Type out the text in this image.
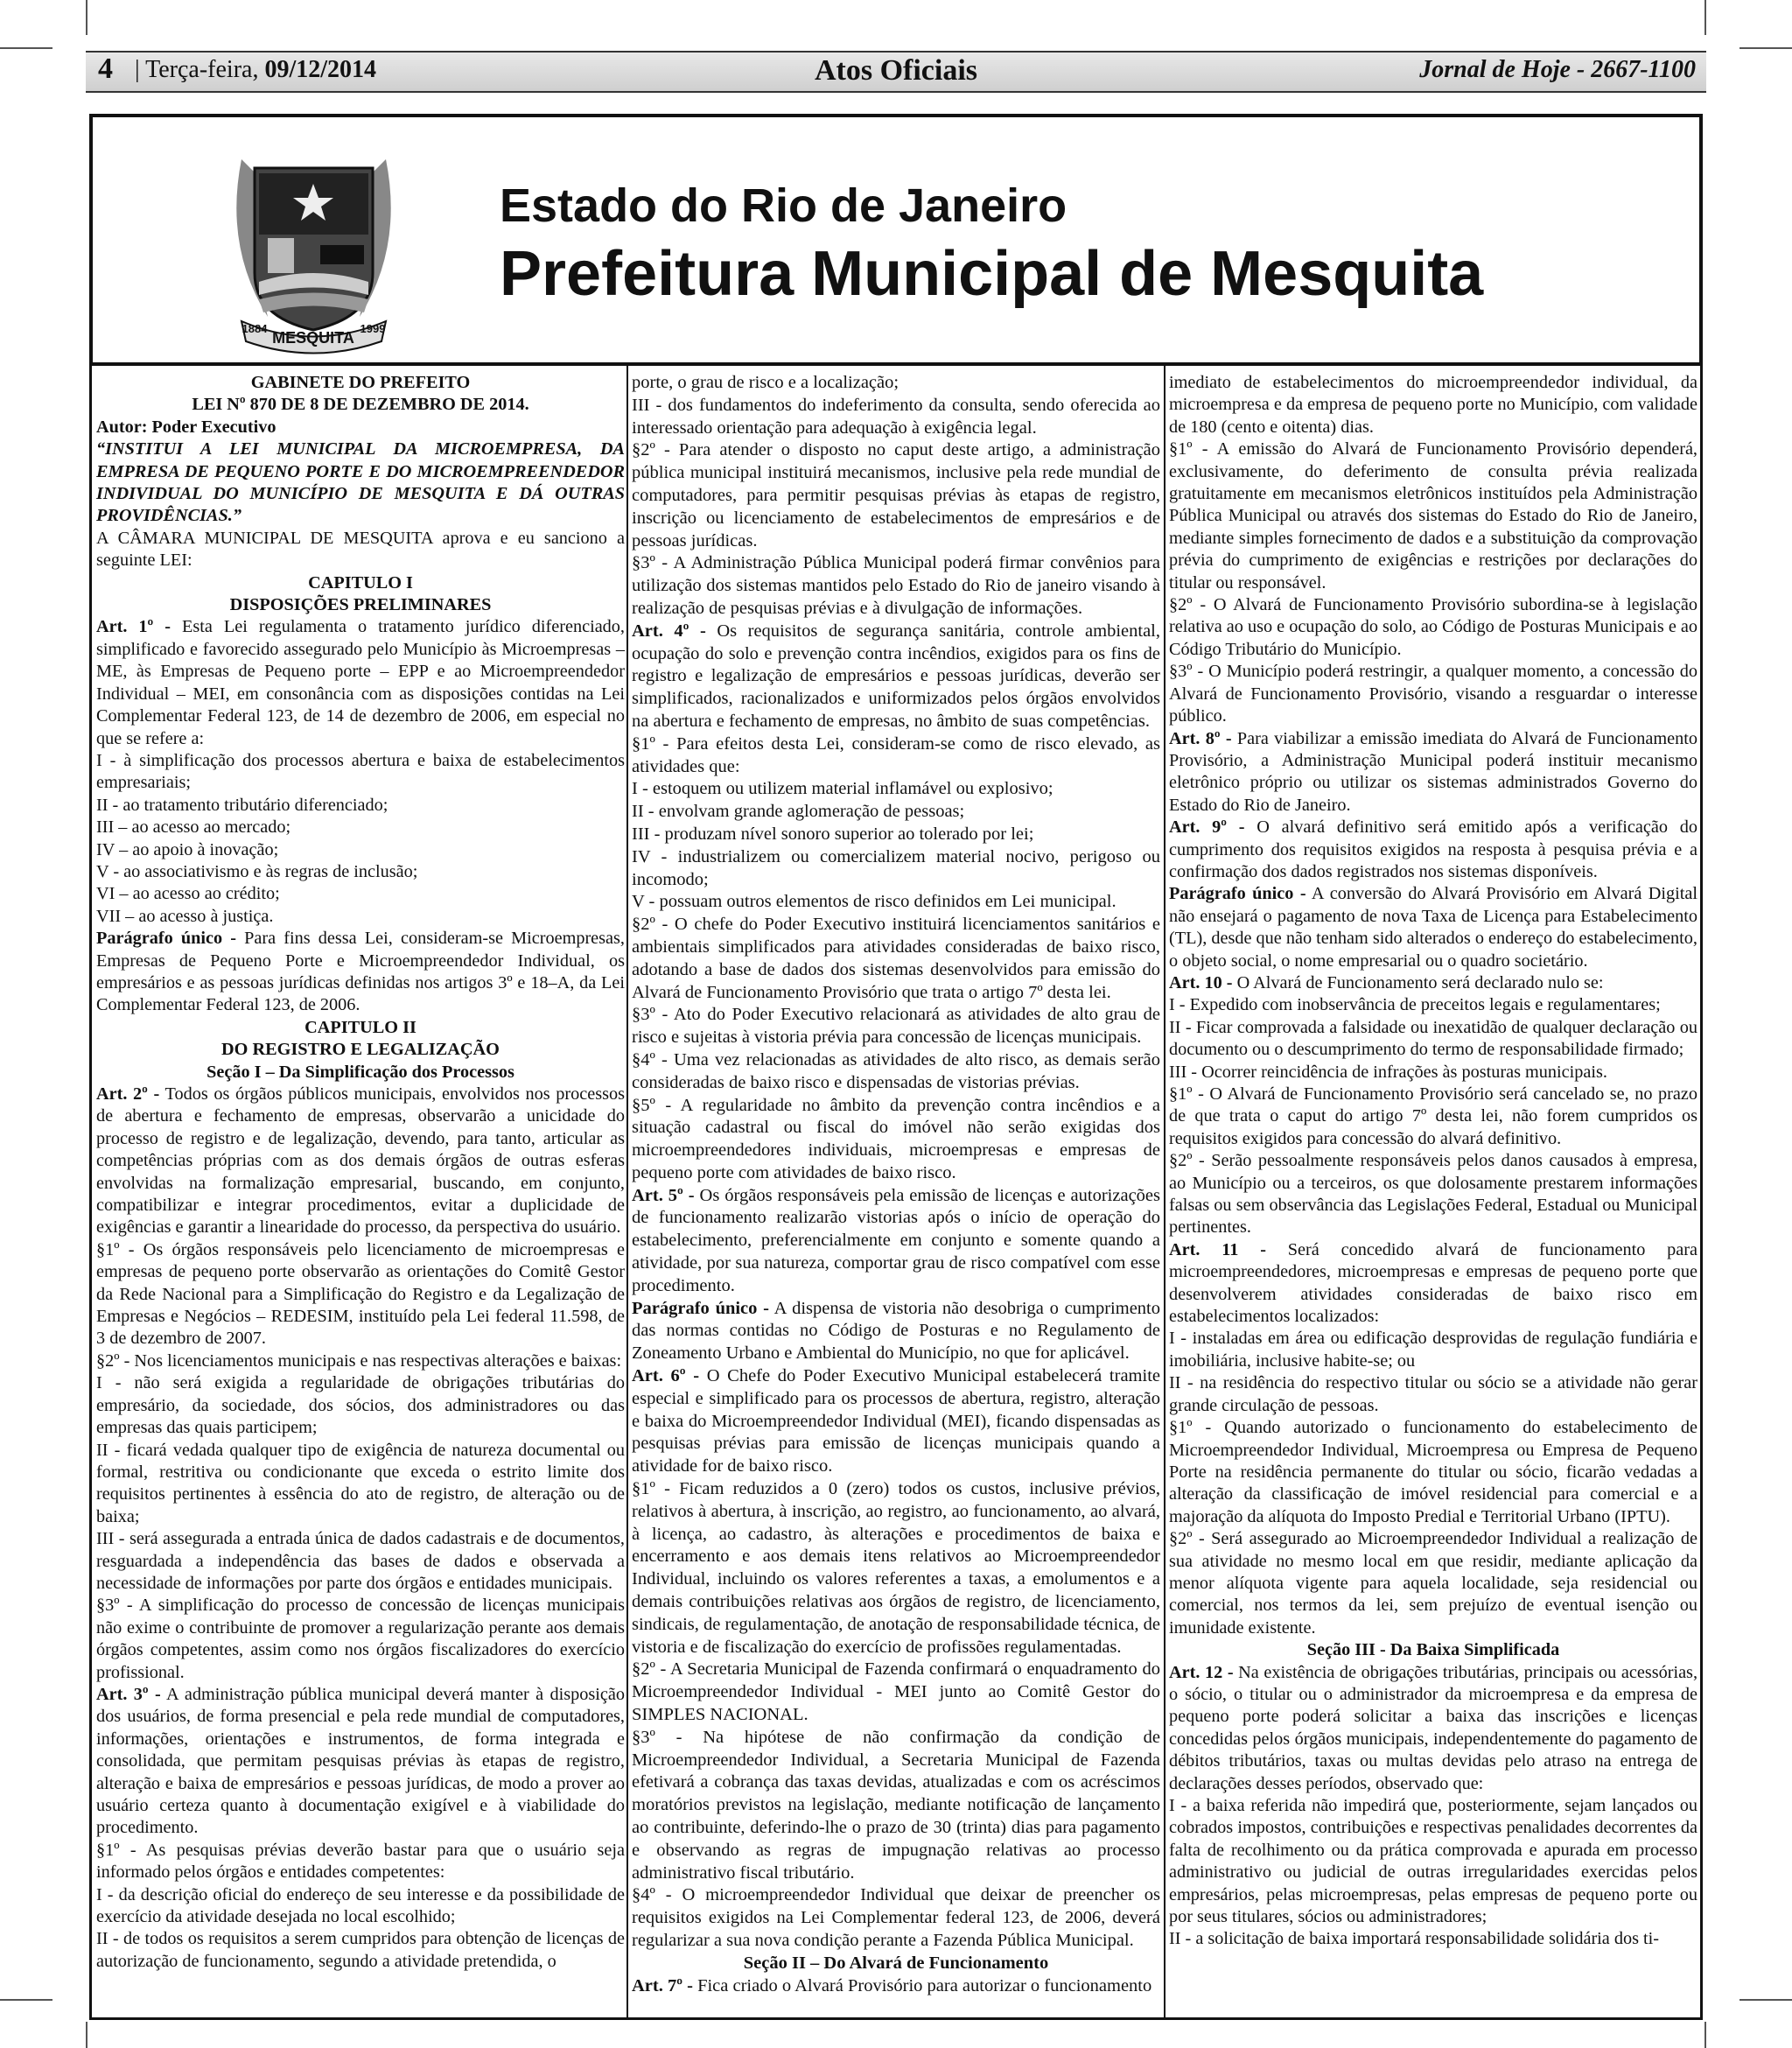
4 | Terça-feira, 09/12/2014	Atos Oficiais	Jornal de Hoje - 2667-1100
MESQUITA
1884	1999
Estado do Rio de Janeiro
Prefeitura Municipal de Mesquita

GABINETE DO PREFEITO

LEI Nº 870 DE 8 DE DEZEMBRO DE 2014.

Autor: Poder Executivo

“INSTITUI A LEI MUNICIPAL DA MICROEMPRESA, DA EMPRESA DE PEQUENO PORTE E DO MICROEMPREENDEDOR INDIVIDUAL DO MUNICÍPIO DE MESQUITA E DÁ OUTRAS PROVIDÊNCIAS.”

A CÂMARA MUNICIPAL DE MESQUITA aprova e eu sanciono a seguinte LEI:

CAPITULO I

DISPOSIÇÕES PRELIMINARES

Art. 1º - Esta Lei regulamenta o tratamento jurídico diferenciado, simplificado e favorecido assegurado pelo Município às Microempresas – ME, às Empresas de Pequeno porte – EPP e ao Microempreendedor Individual – MEI, em consonância com as disposições contidas na Lei Complementar Federal 123, de 14 de dezembro de 2006, em especial no que se refere a:

I - à simplificação dos processos abertura e baixa de estabelecimentos empresariais;

II - ao tratamento tributário diferenciado;

III – ao acesso ao mercado;

IV – ao apoio à inovação;

V - ao associativismo e às regras de inclusão;

VI – ao acesso ao crédito;

VII – ao acesso à justiça.

Parágrafo único - Para fins dessa Lei, consideram-se Microempresas, Empresas de Pequeno Porte e Microempreendedor Individual, os empresários e as pessoas jurídicas definidas nos artigos 3º e 18–A, da Lei Complementar Federal 123, de 2006.

CAPITULO II

DO REGISTRO E LEGALIZAÇÃO

Seção I – Da Simplificação dos Processos

Art. 2º - Todos os órgãos públicos municipais, envolvidos nos processos de abertura e fechamento de empresas, observarão a unicidade do processo de registro e de legalização, devendo, para tanto, articular as competências próprias com as dos demais órgãos de outras esferas envolvidas na formalização empresarial, buscando, em conjunto, compatibilizar e integrar procedimentos, evitar a duplicidade de exigências e garantir a linearidade do processo, da perspectiva do usuário.

§1º - Os órgãos responsáveis pelo licenciamento de microempresas e empresas de pequeno porte observarão as orientações do Comitê Gestor da Rede Nacional para a Simplificação do Registro e da Legalização de Empresas e Negócios – REDESIM, instituído pela Lei federal 11.598, de 3 de dezembro de 2007.

§2º - Nos licenciamentos municipais e nas respectivas alterações e baixas:

I - não será exigida a regularidade de obrigações tributárias do empresário, da sociedade, dos sócios, dos administradores ou das empresas das quais participem;

II - ficará vedada qualquer tipo de exigência de natureza documental ou formal, restritiva ou condicionante que exceda o estrito limite dos requisitos pertinentes à essência do ato de registro, de alteração ou de baixa;

III - será assegurada a entrada única de dados cadastrais e de documentos, resguardada a independência das bases de dados e observada a necessidade de informações por parte dos órgãos e entidades municipais.

§3º - A simplificação do processo de concessão de licenças municipais não exime o contribuinte de promover a regularização perante aos demais órgãos competentes, assim como nos órgãos fiscalizadores do exercício profissional.

Art. 3º - A administração pública municipal deverá manter à disposição dos usuários, de forma presencial e pela rede mundial de computadores, informações, orientações e instrumentos, de forma integrada e consolidada, que permitam pesquisas prévias às etapas de registro, alteração e baixa de empresários e pessoas jurídicas, de modo a prover ao usuário certeza quanto à documentação exigível e à viabilidade do procedimento.

§1º - As pesquisas prévias deverão bastar para que o usuário seja informado pelos órgãos e entidades competentes:

I - da descrição oficial do endereço de seu interesse e da possibilidade de exercício da atividade desejada no local escolhido;

II - de todos os requisitos a serem cumpridos para obtenção de licenças de autorização de funcionamento, segundo a atividade pretendida, o

porte, o grau de risco e a localização;

III - dos fundamentos do indeferimento da consulta, sendo oferecida ao interessado orientação para adequação à exigência legal.

§2º - Para atender o disposto no caput deste artigo, a administração pública municipal instituirá mecanismos, inclusive pela rede mundial de computadores, para permitir pesquisas prévias às etapas de registro, inscrição ou licenciamento de estabelecimentos de empresários e de pessoas jurídicas.

§3º - A Administração Pública Municipal poderá firmar convênios para utilização dos sistemas mantidos pelo Estado do Rio de janeiro visando à realização de pesquisas prévias e à divulgação de informações.

Art. 4º - Os requisitos de segurança sanitária, controle ambiental, ocupação do solo e prevenção contra incêndios, exigidos para os fins de registro e legalização de empresários e pessoas jurídicas, deverão ser simplificados, racionalizados e uniformizados pelos órgãos envolvidos na abertura e fechamento de empresas, no âmbito de suas competências.

§1º - Para efeitos desta Lei, consideram-se como de risco elevado, as atividades que:

I - estoquem ou utilizem material inflamável ou explosivo;

II - envolvam grande aglomeração de pessoas;

III - produzam nível sonoro superior ao tolerado por lei;

IV - industrializem ou comercializem material nocivo, perigoso ou incomodo;

V - possuam outros elementos de risco definidos em Lei municipal.

§2º - O chefe do Poder Executivo instituirá licenciamentos sanitários e ambientais simplificados para atividades consideradas de baixo risco, adotando a base de dados dos sistemas desenvolvidos para emissão do Alvará de Funcionamento Provisório que trata o artigo 7º desta lei.

§3º - Ato do Poder Executivo relacionará as atividades de alto grau de risco e sujeitas à vistoria prévia para concessão de licenças municipais.

§4º - Uma vez relacionadas as atividades de alto risco, as demais serão consideradas de baixo risco e dispensadas de vistorias prévias.

§5º - A regularidade no âmbito da prevenção contra incêndios e a situação cadastral ou fiscal do imóvel não serão exigidas dos microempreendedores individuais, microempresas e empresas de pequeno porte com atividades de baixo risco.

Art. 5º - Os órgãos responsáveis pela emissão de licenças e autorizações de funcionamento realizarão vistorias após o início de operação do estabelecimento, preferencialmente em conjunto e somente quando a atividade, por sua natureza, comportar grau de risco compatível com esse procedimento.

Parágrafo único - A dispensa de vistoria não desobriga o cumprimento das normas contidas no Código de Posturas e no Regulamento de Zoneamento Urbano e Ambiental do Município, no que for aplicável.

Art. 6º - O Chefe do Poder Executivo Municipal estabelecerá tramite especial e simplificado para os processos de abertura, registro, alteração e baixa do Microempreendedor Individual (MEI), ficando dispensadas as pesquisas prévias para emissão de licenças municipais quando a atividade for de baixo risco.

§1º - Ficam reduzidos a 0 (zero) todos os custos, inclusive prévios, relativos à abertura, à inscrição, ao registro, ao funcionamento, ao alvará, à licença, ao cadastro, às alterações e procedimentos de baixa e encerramento e aos demais itens relativos ao Microempreendedor Individual, incluindo os valores referentes a taxas, a emolumentos e a demais contribuições relativas aos órgãos de registro, de licenciamento, sindicais, de regulamentação, de anotação de responsabilidade técnica, de vistoria e de fiscalização do exercício de profissões regulamentadas.

§2º - A Secretaria Municipal de Fazenda confirmará o enquadramento do Microempreendedor Individual - MEI junto ao Comitê Gestor do SIMPLES NACIONAL.

§3º - Na hipótese de não confirmação da condição de Microempreendedor Individual, a Secretaria Municipal de Fazenda efetivará a cobrança das taxas devidas, atualizadas e com os acréscimos moratórios previstos na legislação, mediante notificação de lançamento ao contribuinte, deferindo-lhe o prazo de 30 (trinta) dias para pagamento e observando as regras de impugnação relativas ao processo administrativo fiscal tributário.

§4º - O microempreendedor Individual que deixar de preencher os requisitos exigidos na Lei Complementar federal 123, de 2006, deverá regularizar a sua nova condição perante a Fazenda Pública Municipal.

Seção II – Do Alvará de Funcionamento

Art. 7º - Fica criado o Alvará Provisório para autorizar o funcionamento

imediato de estabelecimentos do microempreendedor individual, da microempresa e da empresa de pequeno porte no Município, com validade de 180 (cento e oitenta) dias.

§1º - A emissão do Alvará de Funcionamento Provisório dependerá, exclusivamente, do deferimento de consulta prévia realizada gratuitamente em mecanismos eletrônicos instituídos pela Administração Pública Municipal ou através dos sistemas do Estado do Rio de Janeiro, mediante simples fornecimento de dados e a substituição da comprovação prévia do cumprimento de exigências e restrições por declarações do titular ou responsável.

§2º - O Alvará de Funcionamento Provisório subordina-se à legislação relativa ao uso e ocupação do solo, ao Código de Posturas Municipais e ao Código Tributário do Município.

§3º - O Município poderá restringir, a qualquer momento, a concessão do Alvará de Funcionamento Provisório, visando a resguardar o interesse público.

Art. 8º - Para viabilizar a emissão imediata do Alvará de Funcionamento Provisório, a Administração Municipal poderá instituir mecanismo eletrônico próprio ou utilizar os sistemas administrados Governo do Estado do Rio de Janeiro.

Art. 9º - O alvará definitivo será emitido após a verificação do cumprimento dos requisitos exigidos na resposta à pesquisa prévia e a confirmação dos dados registrados nos sistemas disponíveis.

Parágrafo único - A conversão do Alvará Provisório em Alvará Digital não ensejará o pagamento de nova Taxa de Licença para Estabelecimento (TL), desde que não tenham sido alterados o endereço do estabelecimento, o objeto social, o nome empresarial ou o quadro societário.

Art. 10 - O Alvará de Funcionamento será declarado nulo se:

I - Expedido com inobservância de preceitos legais e regulamentares;

II - Ficar comprovada a falsidade ou inexatidão de qualquer declaração ou documento ou o descumprimento do termo de responsabilidade firmado;

III - Ocorrer reincidência de infrações às posturas municipais.

§1º - O Alvará de Funcionamento Provisório será cancelado se, no prazo de que trata o caput do artigo 7º desta lei, não forem cumpridos os requisitos exigidos para concessão do alvará definitivo.

§2º - Serão pessoalmente responsáveis pelos danos causados à empresa, ao Município ou a terceiros, os que dolosamente prestarem informações falsas ou sem observância das Legislações Federal, Estadual ou Municipal pertinentes.

Art. 11 - Será concedido alvará de funcionamento para microempreendedores, microempresas e empresas de pequeno porte que desenvolverem atividades consideradas de baixo risco em estabelecimentos localizados:

I - instaladas em área ou edificação desprovidas de regulação fundiária e imobiliária, inclusive habite-se; ou

II - na residência do respectivo titular ou sócio se a atividade não gerar grande circulação de pessoas.

§1º - Quando autorizado o funcionamento do estabelecimento de Microempreendedor Individual, Microempresa ou Empresa de Pequeno Porte na residência permanente do titular ou sócio, ficarão vedadas a alteração da classificação de imóvel residencial para comercial e a majoração da alíquota do Imposto Predial e Territorial Urbano (IPTU).

§2º - Será assegurado ao Microempreendedor Individual a realização de sua atividade no mesmo local em que residir, mediante aplicação da menor alíquota vigente para aquela localidade, seja residencial ou comercial, nos termos da lei, sem prejuízo de eventual isenção ou imunidade existente.

Seção III - Da Baixa Simplificada

Art. 12 - Na existência de obrigações tributárias, principais ou acessórias, o sócio, o titular ou o administrador da microempresa e da empresa de pequeno porte poderá solicitar a baixa das inscrições e licenças concedidas pelos órgãos municipais, independentemente do pagamento de débitos tributários, taxas ou multas devidas pelo atraso na entrega de declarações desses períodos, observado que:

I - a baixa referida não impedirá que, posteriormente, sejam lançados ou cobrados impostos, contribuições e respectivas penalidades decorrentes da falta de recolhimento ou da prática comprovada e apurada em processo administrativo ou judicial de outras irregularidades exercidas pelos empresários, pelas microempresas, pelas empresas de pequeno porte ou por seus titulares, sócios ou administradores;

II - a solicitação de baixa importará responsabilidade solidária dos ti-
